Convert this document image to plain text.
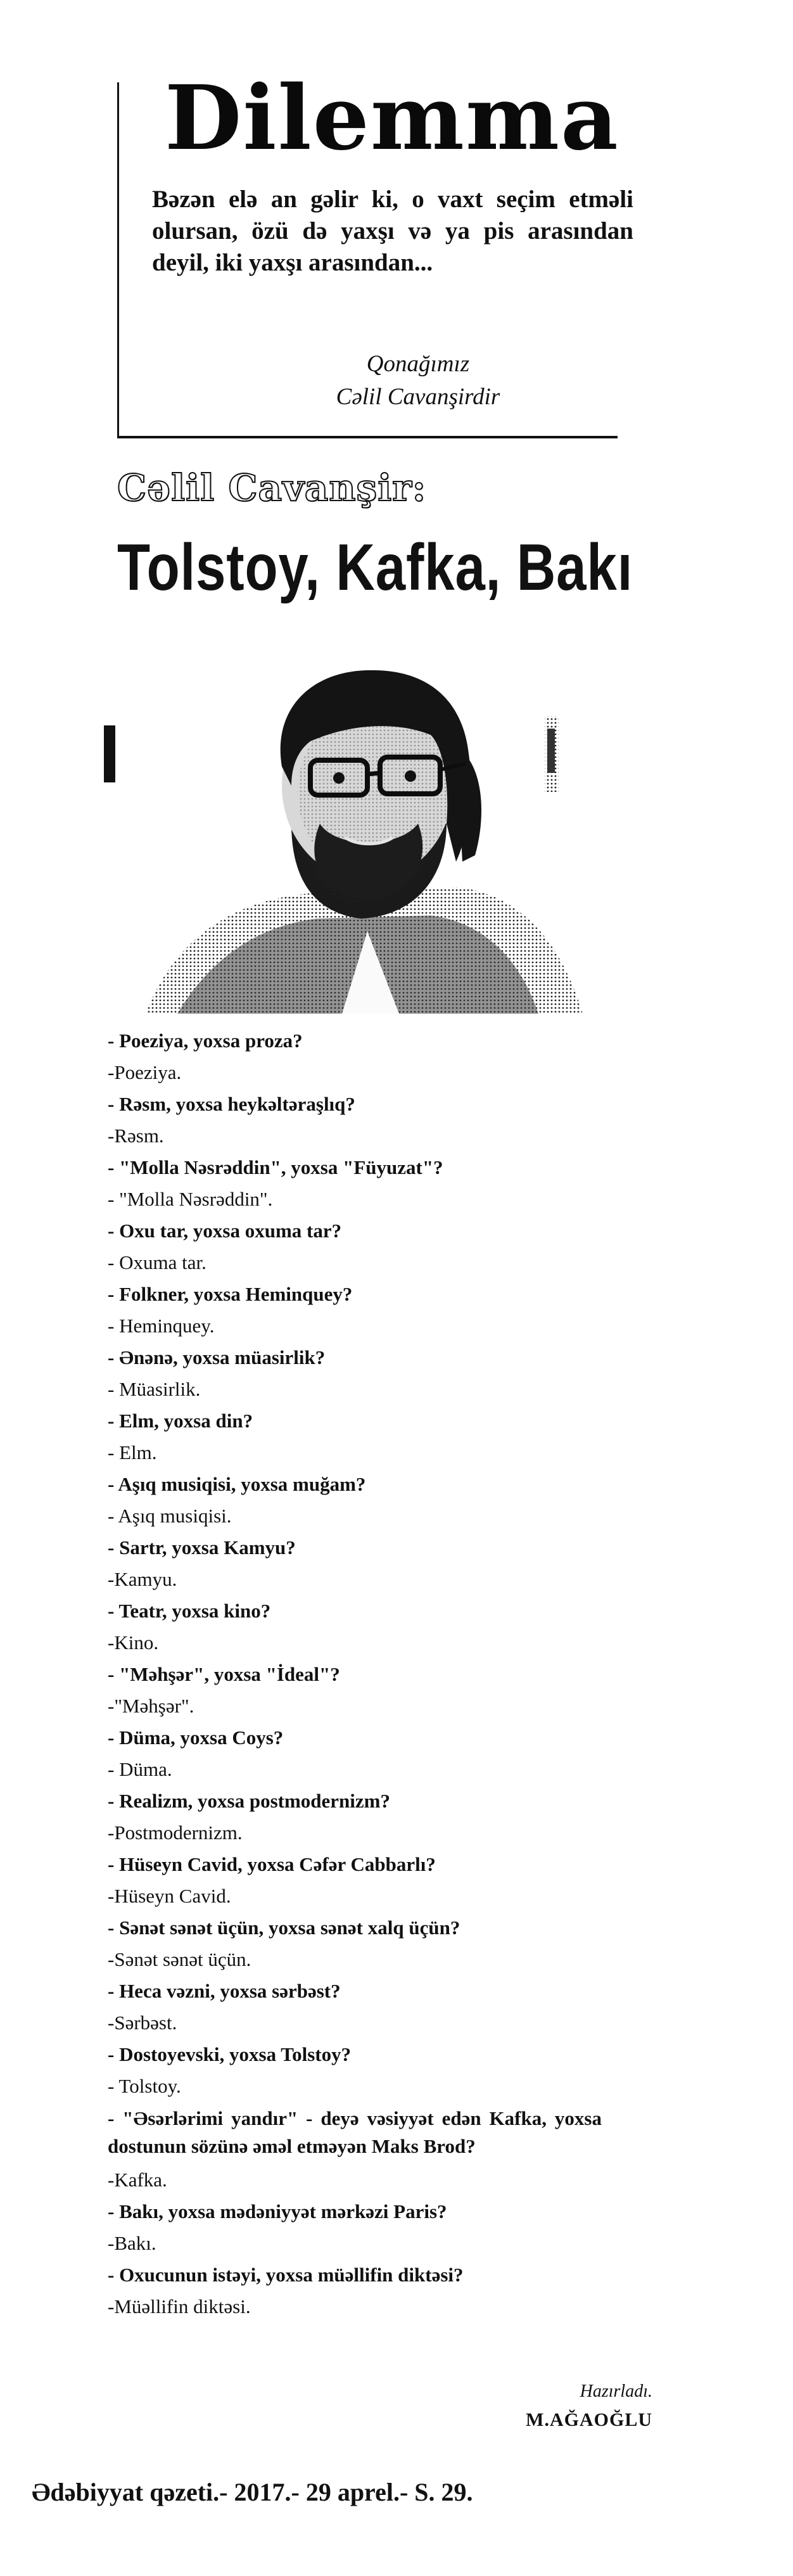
Dilemma
Bəzən elə an gəlir ki, o vaxt seçim etməli olursan, özü də yaxşı və ya pis arasından deyil, iki yaxşı arasından...
Qonağımız
Cəlil Cavanşirdir
Cəlil Cavanşir:
Tolstoy, Kafka, Bakı
- Poeziya, yoxsa proza?
-Poeziya.
- Rəsm, yoxsa heykəltəraşlıq?
-Rəsm.
- "Molla Nəsrəddin", yoxsa "Füyuzat"?
- "Molla Nəsrəddin".
- Oxu tar, yoxsa oxuma tar?
- Oxuma tar.
- Folkner, yoxsa Heminquey?
- Heminquey.
- Ənənə, yoxsa müasirlik?
- Müasirlik.
- Elm, yoxsa din?
- Elm.
- Aşıq musiqisi, yoxsa muğam?
- Aşıq musiqisi.
- Sartr, yoxsa Kamyu?
-Kamyu.
- Teatr, yoxsa kino?
-Kino.
- "Məhşər", yoxsa "İdeal"?
-"Məhşər".
- Düma, yoxsa Coys?
- Düma.
- Realizm, yoxsa postmodernizm?
-Postmodernizm.
- Hüseyn Cavid, yoxsa Cəfər Cabbarlı?
-Hüseyn Cavid.
- Sənət sənət üçün, yoxsa sənət xalq üçün?
-Sənət sənət üçün.
- Heca vəzni, yoxsa sərbəst?
-Sərbəst.
- Dostoyevski, yoxsa Tolstoy?
- Tolstoy.
- "Əsərlərimi yandır" - deyə vəsiyyət edən Kafka, yoxsa dostunun sözünə əməl etməyən Maks Brod?
-Kafka.
- Bakı, yoxsa mədəniyyət mərkəzi Paris?
-Bakı.
- Oxucunun istəyi, yoxsa müəllifin diktəsi?
-Müəllifin diktəsi.
Hazırladı.
M.AĞAOĞLU
Ədəbiyyat qəzeti.- 2017.- 29 aprel.- S. 29.
